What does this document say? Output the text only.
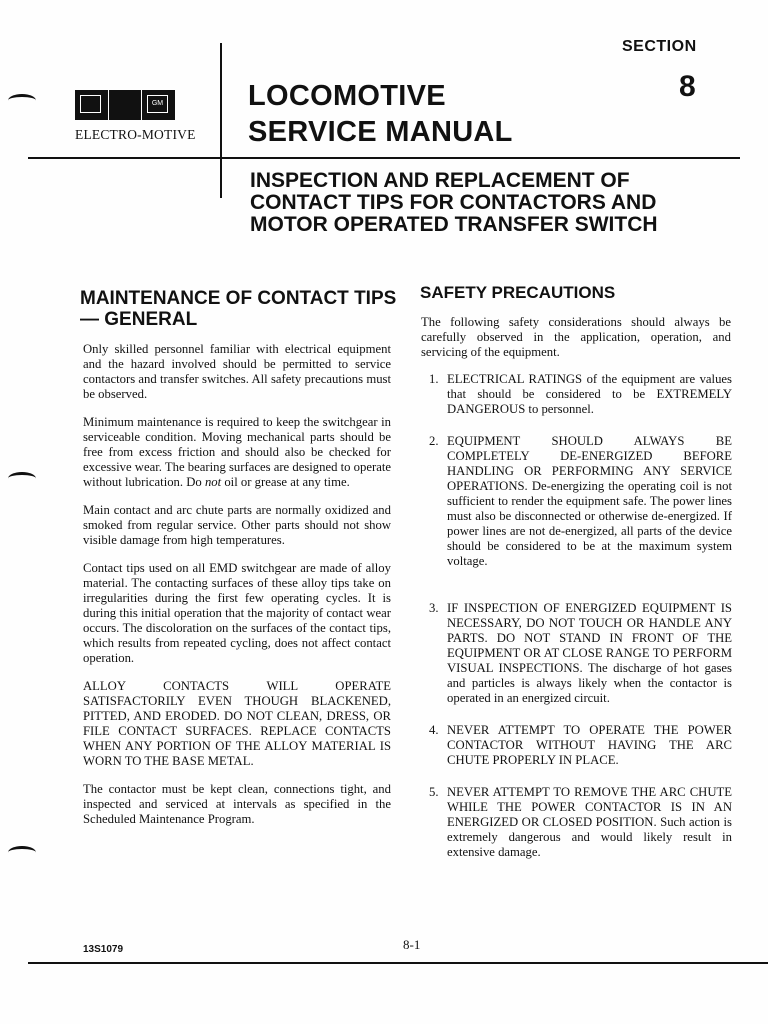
SECTION
8
GM
ELECTRO-MOTIVE
LOCOMOTIVE
SERVICE MANUAL
INSPECTION AND REPLACEMENT OF CONTACT TIPS FOR CONTACTORS AND MOTOR OPERATED TRANSFER SWITCH
MAINTENANCE OF CONTACT TIPS — GENERAL

Only skilled personnel familiar with electrical equipment and the hazard involved should be permitted to service contactors and transfer switches. All safety precautions must be observed.

Minimum maintenance is required to keep the switchgear in serviceable condition. Moving mechanical parts should be free from excess friction and should also be checked for excessive wear. The bearing surfaces are designed to operate without lubrication. Do not oil or grease at any time.

Main contact and arc chute parts are normally oxidized and smoked from regular service. Other parts should not show visible damage from high temperatures.

Contact tips used on all EMD switchgear are made of alloy material. The contacting surfaces of these alloy tips take on irregularities during the first few operating cycles. It is during this initial operation that the majority of contact wear occurs. The discoloration on the surfaces of the contact tips, which results from repeated cycling, does not affect contact operation.

ALLOY CONTACTS WILL OPERATE SATISFACTORILY EVEN THOUGH BLACKENED, PITTED, AND ERODED. DO NOT CLEAN, DRESS, OR FILE CONTACT SURFACES. REPLACE CONTACTS WHEN ANY PORTION OF THE ALLOY MATERIAL IS WORN TO THE BASE METAL.

The contactor must be kept clean, connections tight, and inspected and serviced at intervals as specified in the Scheduled Maintenance Program.

SAFETY PRECAUTIONS
The following safety considerations should always be carefully observed in the application, operation, and servicing of the equipment.
1. ELECTRICAL RATINGS of the equipment are values that should be considered to be EXTREMELY DANGEROUS to personnel.
2. EQUIPMENT SHOULD ALWAYS BE COMPLETELY DE-ENERGIZED BEFORE HANDLING OR PERFORMING ANY SERVICE OPERATIONS. De-energizing the operating coil is not sufficient to render the equipment safe. The power lines must also be disconnected or otherwise de-energized. If power lines are not de-energized, all parts of the device should be considered to be at the maximum system voltage.
3. IF INSPECTION OF ENERGIZED EQUIPMENT IS NECESSARY, DO NOT TOUCH OR HANDLE ANY PARTS. DO NOT STAND IN FRONT OF THE EQUIPMENT OR AT CLOSE RANGE TO PERFORM VISUAL INSPECTIONS. The discharge of hot gases and particles is always likely when the contactor is operated in an energized circuit.
4. NEVER ATTEMPT TO OPERATE THE POWER CONTACTOR WITHOUT HAVING THE ARC CHUTE PROPERLY IN PLACE.
5. NEVER ATTEMPT TO REMOVE THE ARC CHUTE WHILE THE POWER CONTACTOR IS IN AN ENERGIZED OR CLOSED POSITION. Such action is extremely dangerous and would likely result in extensive damage.
13S1079	8-1
